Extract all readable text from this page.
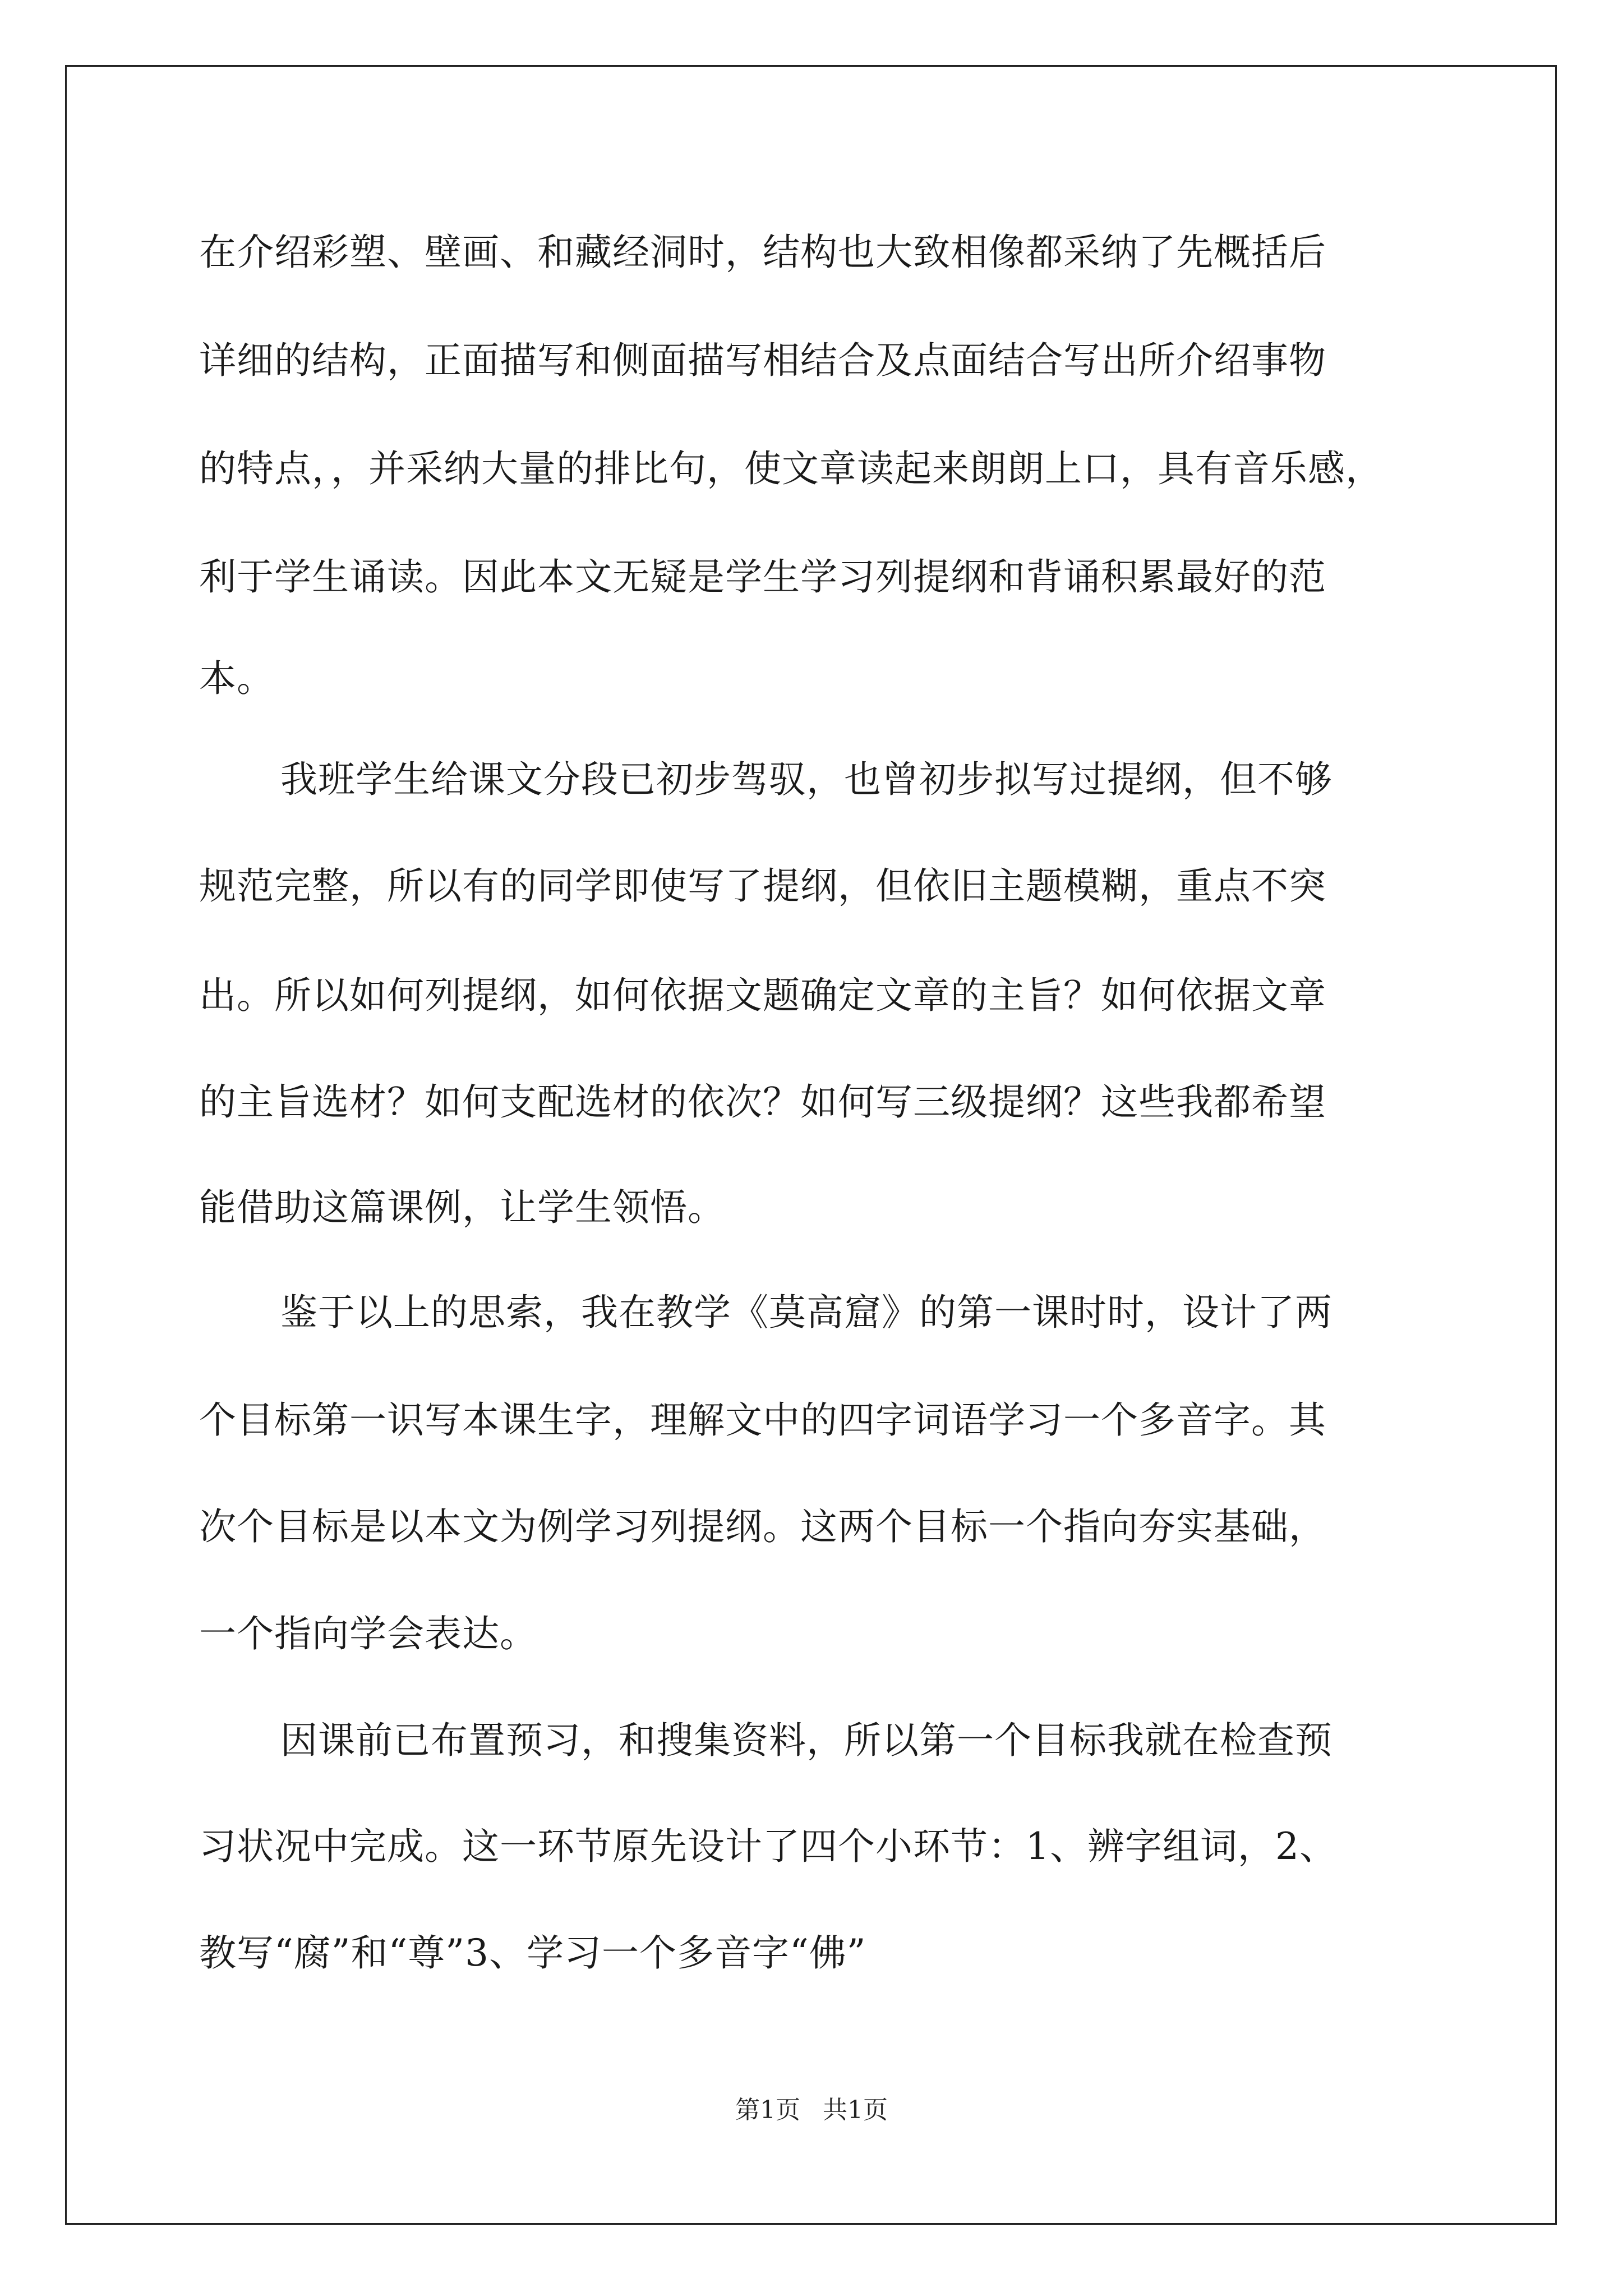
在介绍彩塑、壁画、和藏经洞时，结构也大致相像都采纳了先概括后
详细的结构，正面描写和侧面描写相结合及点面结合写出所介绍事物
的特点，，并采纳大量的排比句，使文章读起来朗朗上口，具有音乐感，
利于学生诵读。因此本文无疑是学生学习列提纲和背诵积累最好的范
本。
我班学生给课文分段已初步驾驭，也曾初步拟写过提纲，但不够
规范完整，所以有的同学即使写了提纲，但依旧主题模糊，重点不突
出。所以如何列提纲，如何依据文题确定文章的主旨？如何依据文章
的主旨选材？如何支配选材的依次？如何写三级提纲？这些我都希望
能借助这篇课例，让学生领悟。
鉴于以上的思索，我在教学《莫高窟》的第一课时时，设计了两
个目标第一识写本课生字，理解文中的四字词语学习一个多音字。其
次个目标是以本文为例学习列提纲。这两个目标一个指向夯实基础，
一个指向学会表达。
因课前已布置预习，和搜集资料，所以第一个目标我就在检查预
习状况中完成。这一环节原先设计了四个小环节：1、辨字组词，2、
教写“腐”和“尊”3、学习一个多音字“佛”
第1页 共1页
